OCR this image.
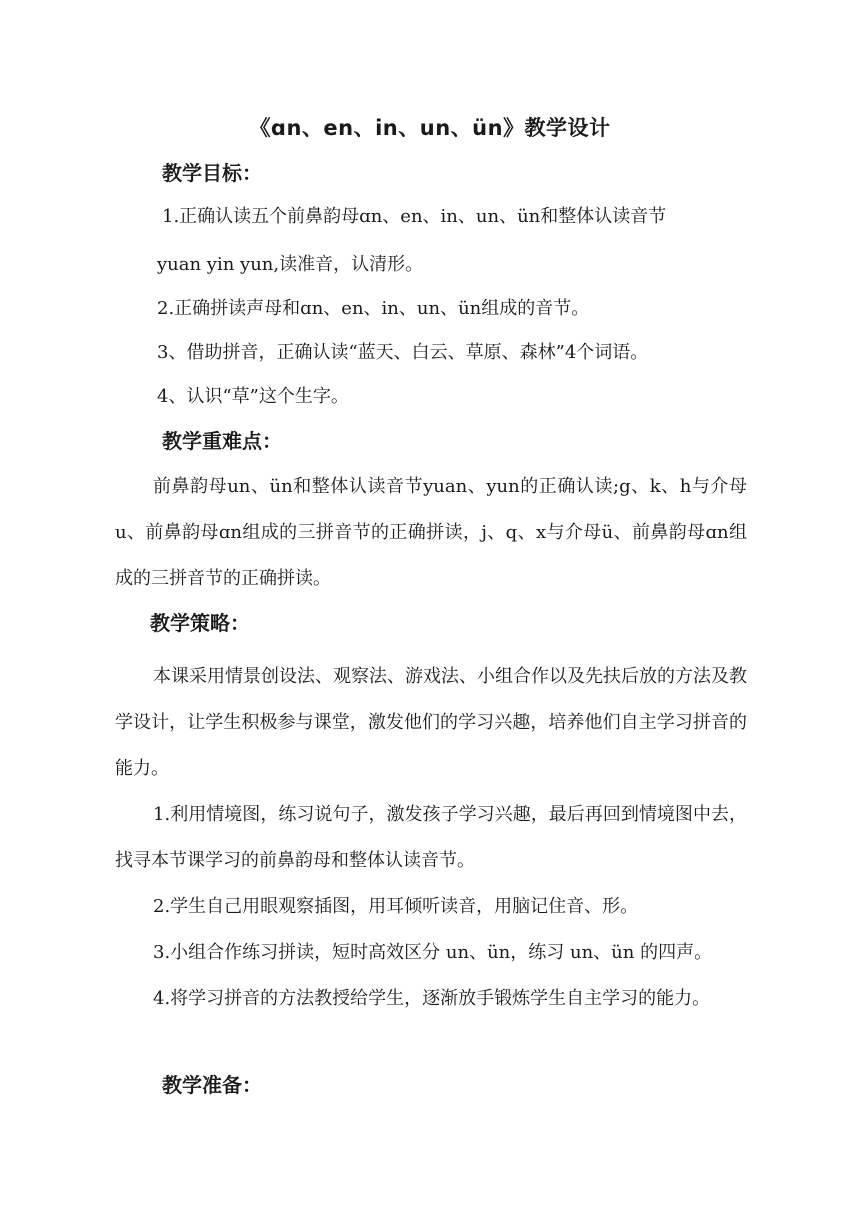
《ɑn、en、in、un、ün》教学设计
教学目标：
1.正确认读五个前鼻韵母ɑn、en、in、un、ün和整体认读音节
yuan yin yun,读准音，认清形。
2.正确拼读声母和ɑn、en、in、un、ün组成的音节。
3、借助拼音，正确认读“蓝天、白云、草原、森林”4个词语。
4、认识“草”这个生字。
教学重难点：
前鼻韵母un、ün和整体认读音节yuan、yun的正确认读;g、k、h与介母u、前鼻韵母ɑn组成的三拼音节的正确拼读，j、q、x与介母ü、前鼻韵母ɑn组成的三拼音节的正确拼读。
教学策略：
本课采用情景创设法、观察法、游戏法、小组合作以及先扶后放的方法及教学设计，让学生积极参与课堂，激发他们的学习兴趣，培养他们自主学习拼音的能力。
1.利用情境图，练习说句子，激发孩子学习兴趣，最后再回到情境图中去，找寻本节课学习的前鼻韵母和整体认读音节。
2.学生自己用眼观察插图，用耳倾听读音，用脑记住音、形。
3.小组合作练习拼读，短时高效区分 un、ün，练习 un、ün 的四声。
4.将学习拼音的方法教授给学生，逐渐放手锻炼学生自主学习的能力。
教学准备：
